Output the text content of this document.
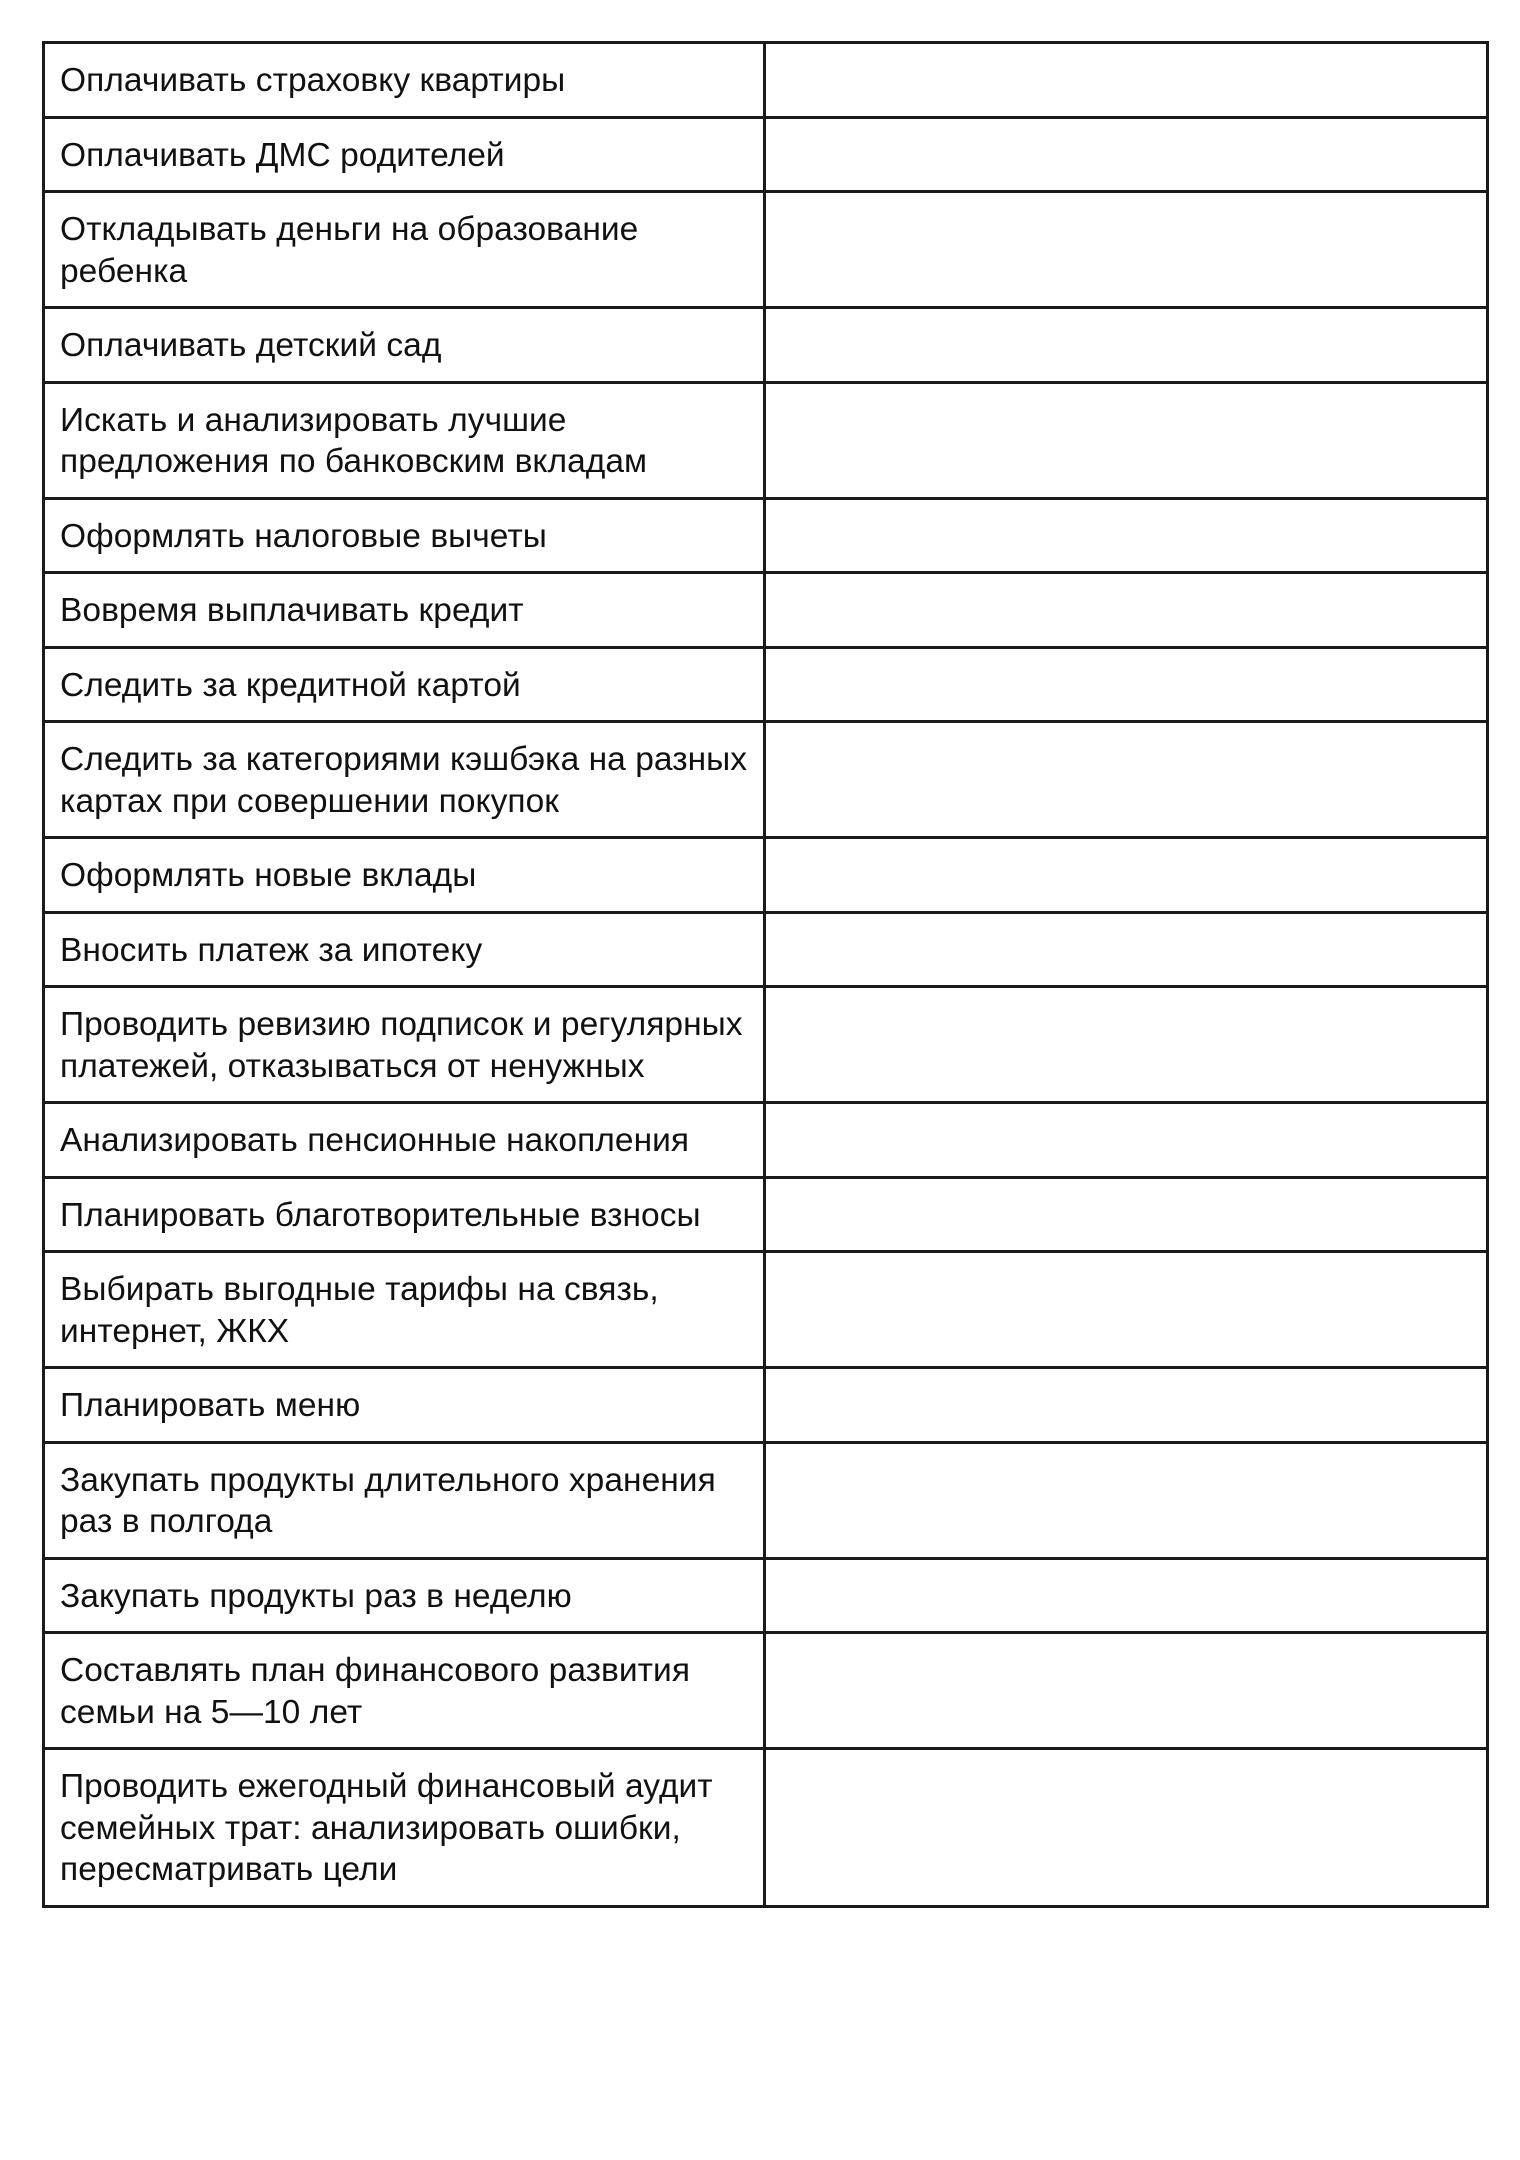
Оплачивать страховку квартиры	

Оплачивать ДМС родителей	

Откладывать деньги на образование ребенка	

Оплачивать детский сад	

Искать и анализировать лучшие предложения по банковским вкладам	

Оформлять налоговые вычеты	

Вовремя выплачивать кредит	

Следить за кредитной картой	

Следить за категориями кэшбэка на разных картах при совершении покупок	

Оформлять новые вклады	

Вносить платеж за ипотеку	

Проводить ревизию подписок и регулярных платежей, отказываться от ненужных	

Анализировать пенсионные накопления	

Планировать благотворительные взносы	

Выбирать выгодные тарифы на связь, интернет, ЖКХ	

Планировать меню	

Закупать продукты длительного хранения раз в полгода	

Закупать продукты раз в неделю	

Составлять план финансового развития семьи на 5—10 лет	

Проводить ежегодный финансовый аудит семейных трат: анализировать ошибки, пересматривать цели	
